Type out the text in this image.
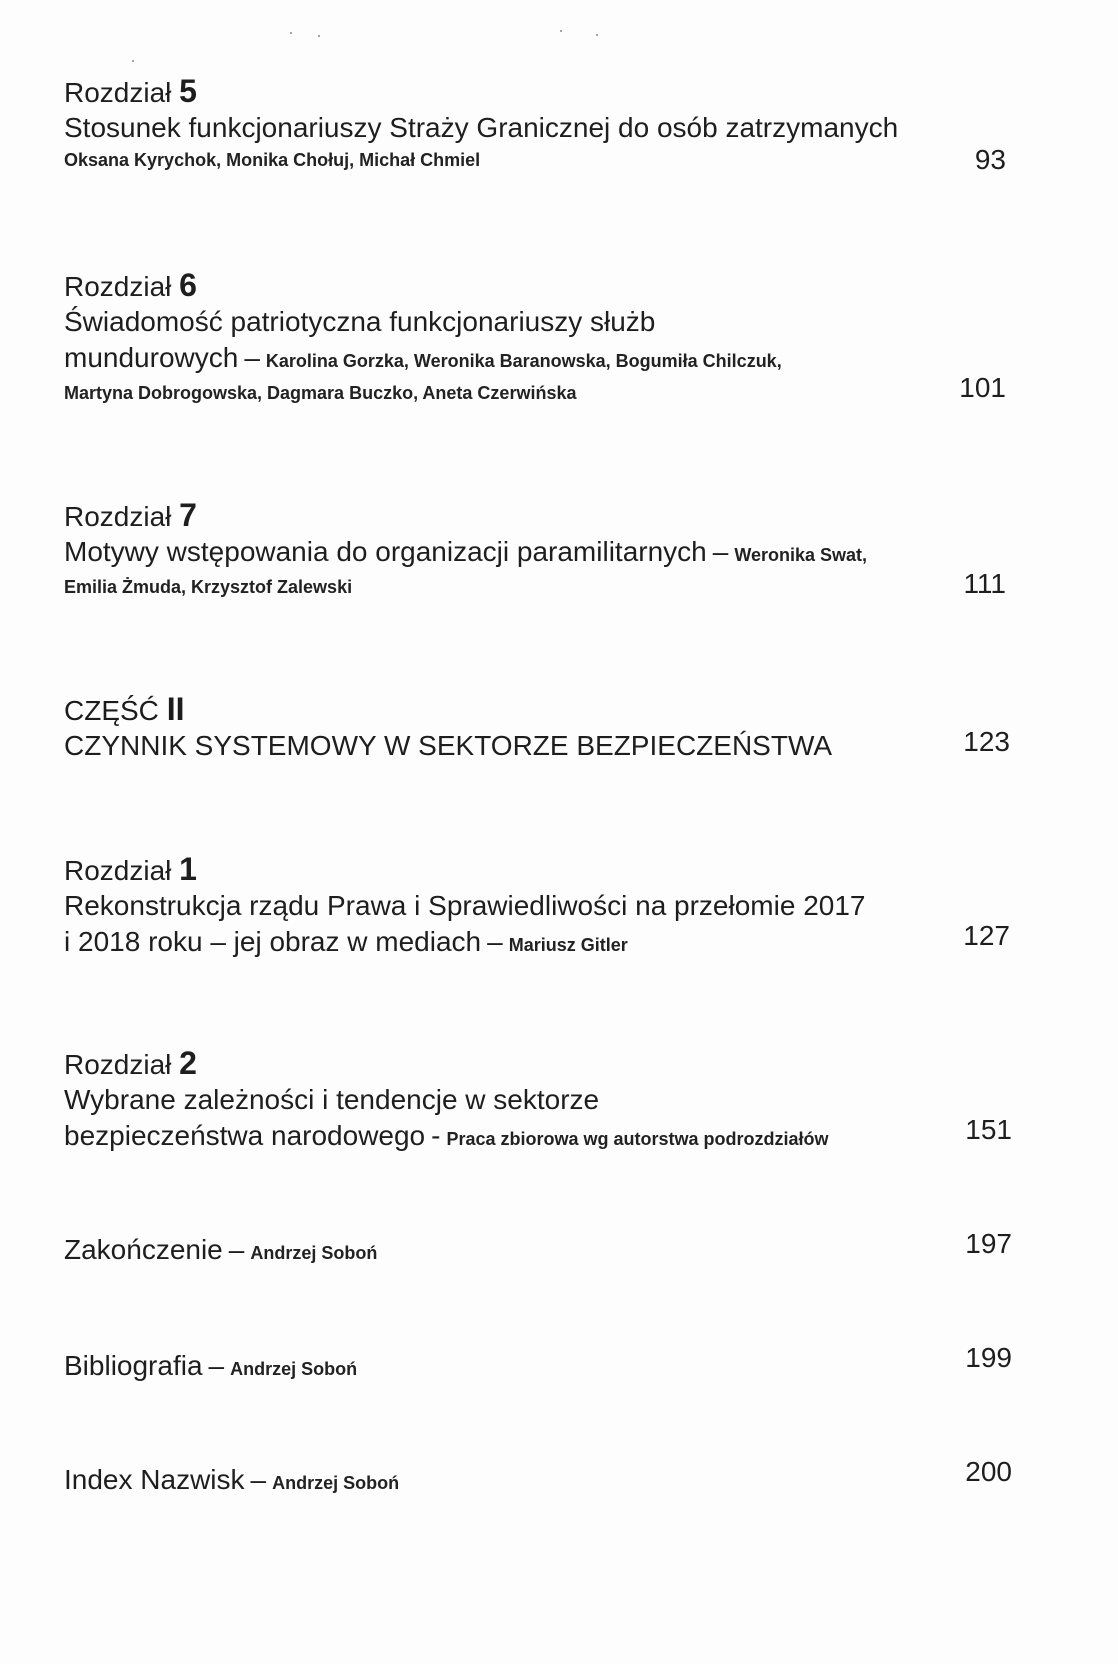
Rozdział 5
Stosunek funkcjonariuszy Straży Granicznej do osób zatrzymanych
Oksana Kyrychok, Monika Chołuj, Michał Chmiel	93
Rozdział 6
Świadomość patriotyczna funkcjonariuszy służb
mundurowych – Karolina Gorzka, Weronika Baranowska, Bogumiła Chilczuk,
Martyna Dobrogowska, Dagmara Buczko, Aneta Czerwińska	101
Rozdział 7
Motywy wstępowania do organizacji paramilitarnych – Weronika Swat,
Emilia Żmuda, Krzysztof Zalewski	111
CZĘŚĆ II
CZYNNIK SYSTEMOWY W SEKTORZE BEZPIECZEŃSTWA	123
Rozdział 1
Rekonstrukcja rządu Prawa i Sprawiedliwości na przełomie 2017
i 2018 roku – jej obraz w mediach – Mariusz Gitler	127
Rozdział 2
Wybrane zależności i tendencje w sektorze
bezpieczeństwa narodowego - Praca zbiorowa wg autorstwa podrozdziałów	151
Zakończenie – Andrzej Soboń	197
Bibliografia – Andrzej Soboń	199
Index Nazwisk – Andrzej Soboń	200
